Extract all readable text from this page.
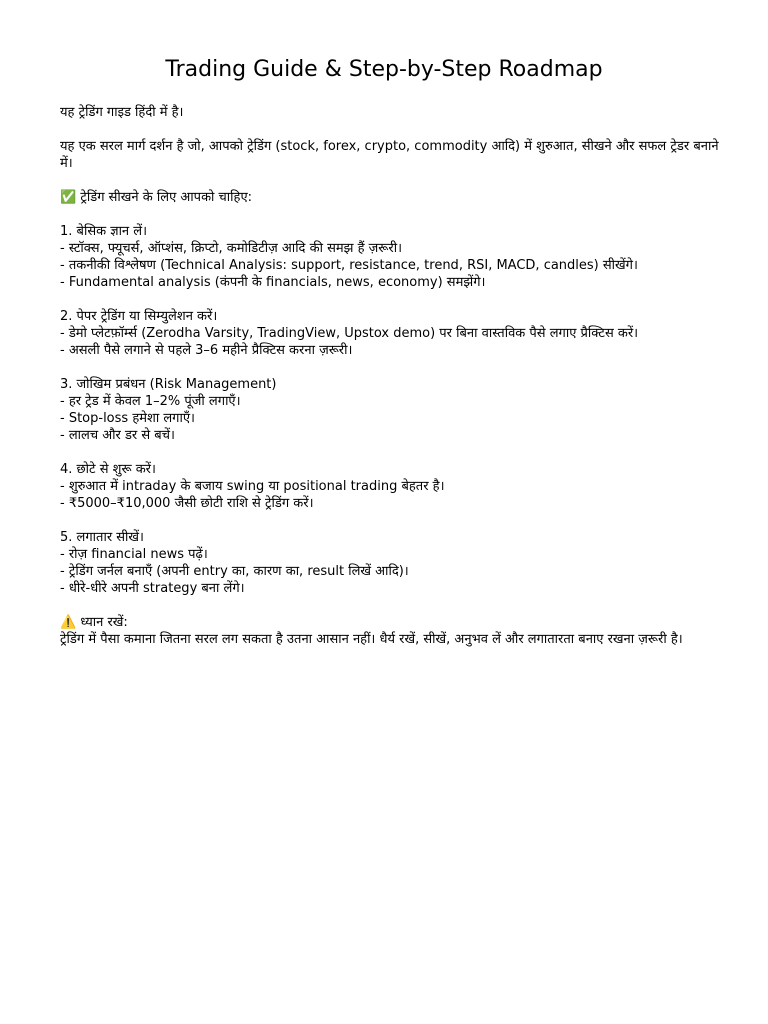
Trading Guide & Step-by-Step Roadmap
यह ट्रेडिंग गाइड हिंदी में है।
यह एक सरल मार्ग दर्शन है जो, आपको ट्रेडिंग (stock, forex, crypto, commodity आदि) में शुरुआत, सीखने और सफल ट्रेडर बनाने में।
✅ ट्रेडिंग सीखने के लिए आपको चाहिए:
1. बेसिक ज्ञान लें।
- स्टॉक्स, फ्यूचर्स, ऑप्शंस, क्रिप्टो, कमोडिटीज़ आदि की समझ हैं ज़रूरी।
- तकनीकी विश्लेषण (Technical Analysis: support, resistance, trend, RSI, MACD, candles) सीखेंगे।
- Fundamental analysis (कंपनी के financials, news, economy) समझेंगे।
2. पेपर ट्रेडिंग या सिम्युलेशन करें।
- डेमो प्लेटफ़ॉर्म्स (Zerodha Varsity, TradingView, Upstox demo) पर बिना वास्तविक पैसे लगाए प्रैक्टिस करें।
- असली पैसे लगाने से पहले 3–6 महीने प्रैक्टिस करना ज़रूरी।
3. जोखिम प्रबंधन (Risk Management)
- हर ट्रेड में केवल 1–2% पूंजी लगाएँ।
- Stop-loss हमेशा लगाएँ।
- लालच और डर से बचें।
4. छोटे से शुरू करें।
- शुरुआत में intraday के बजाय swing या positional trading बेहतर है।
- ₹5000–₹10,000 जैसी छोटी राशि से ट्रेडिंग करें।
5. लगातार सीखें।
- रोज़ financial news पढ़ें।
- ट्रेडिंग जर्नल बनाएँ (अपनी entry का, कारण का, result लिखें आदि)।
- धीरे-धीरे अपनी strategy बना लेंगे।
⚠️ ध्यान रखें:
ट्रेडिंग में पैसा कमाना जितना सरल लग सकता है उतना आसान नहीं। धैर्य रखें, सीखें, अनुभव लें और लगातारता बनाए रखना ज़रूरी है।
